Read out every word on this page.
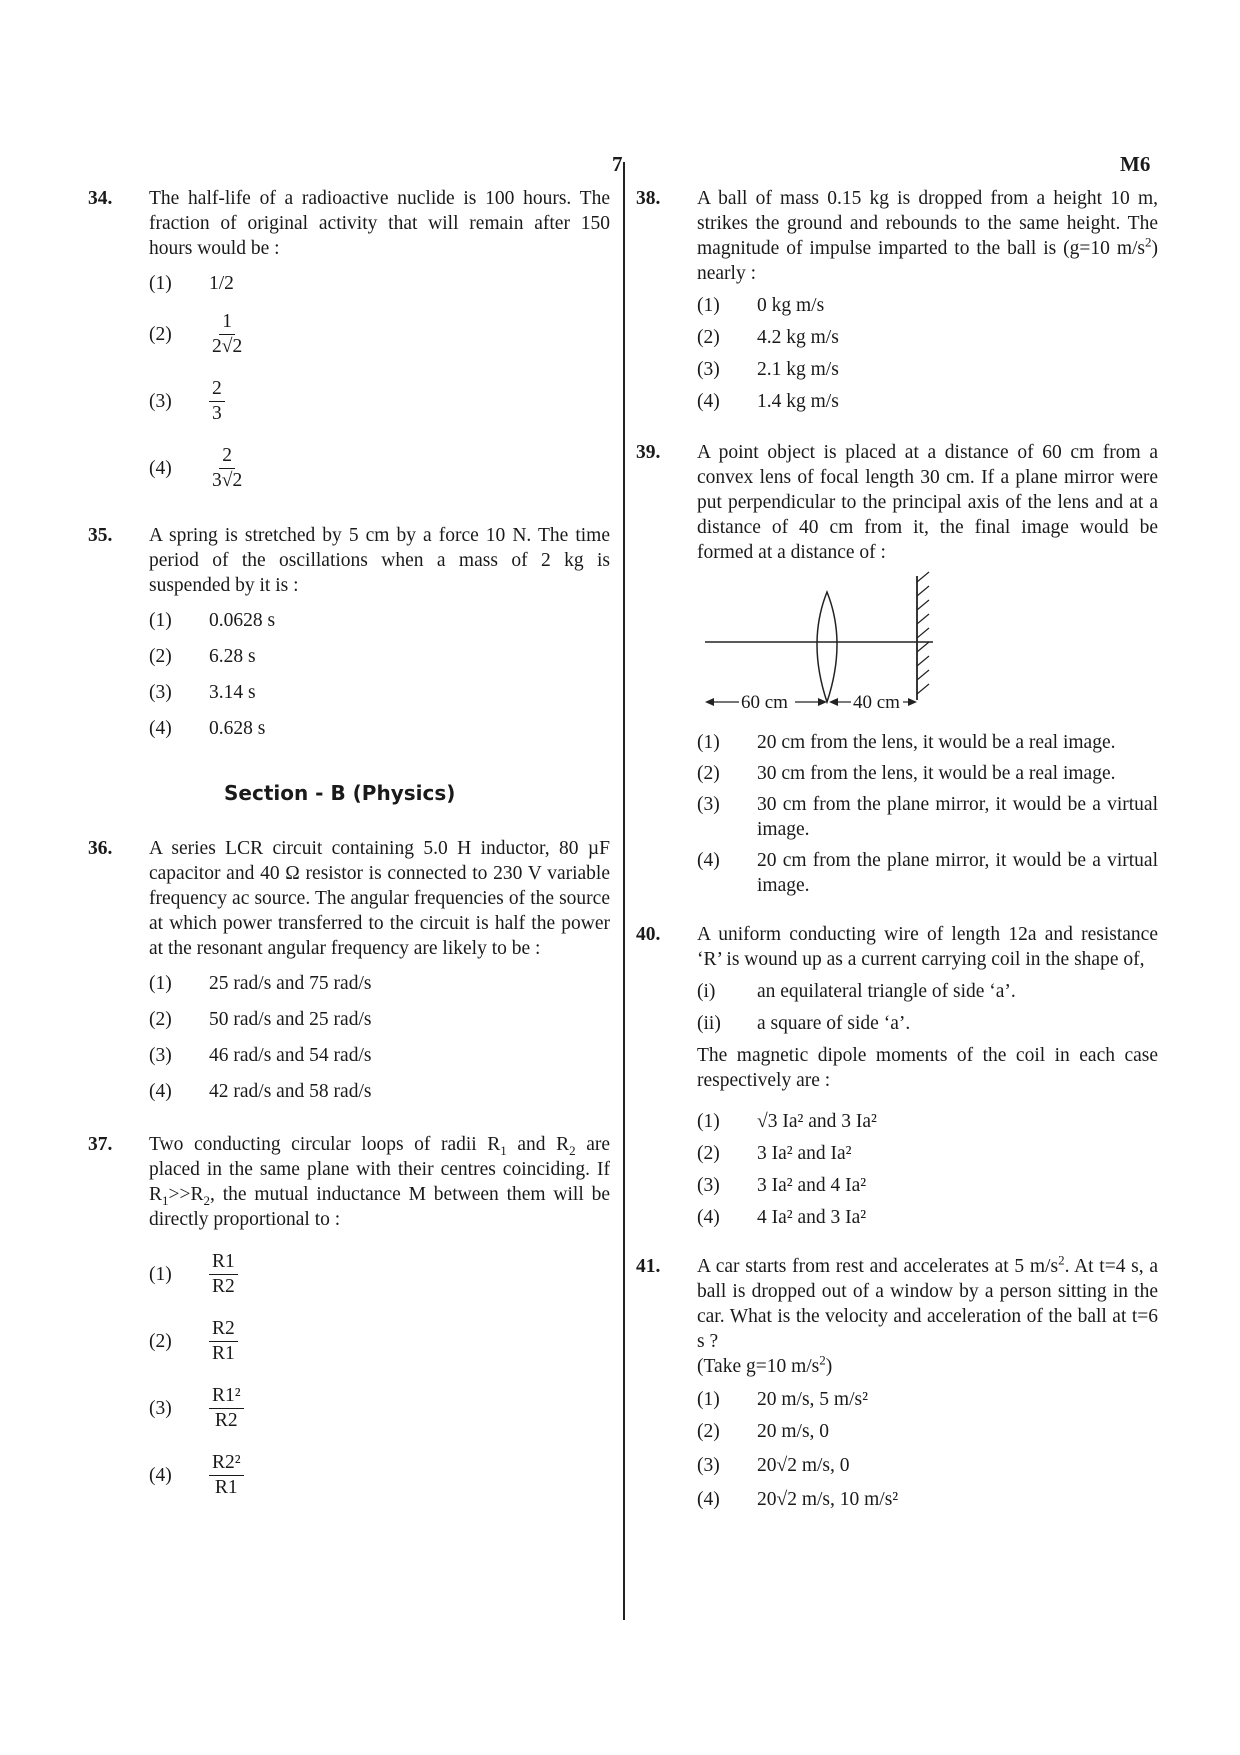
7	M6
34. The half-life of a radioactive nuclide is 100 hours. The fraction of original activity that will remain after 150 hours would be :
(1) 1/2
(2)	$\frac{1}{2√2}$
(3)	$\frac{2}{3}$
(4)	$\frac{2}{3√2}$
35. A spring is stretched by 5 cm by a force 10 N. The time period of the oscillations when a mass of 2 kg is suspended by it is :
(1) 0.0628 s
(2) 6.28 s
(3) 3.14 s
(4) 0.628 s
Section - B (Physics)
36. A series LCR circuit containing 5.0 H inductor, 80 µF capacitor and 40 Ω resistor is connected to 230 V variable frequency ac source. The angular frequencies of the source at which power transferred to the circuit is half the power at the resonant angular frequency are likely to be :
(1) 25 rad/s and 75 rad/s
(2) 50 rad/s and 25 rad/s
(3) 46 rad/s and 54 rad/s
(4) 42 rad/s and 58 rad/s
37. Two conducting circular loops of radii $R_1$ and $R_2$ are placed in the same plane with their centres coinciding. If $R_1>>R_2$, the mutual inductance M between them will be directly proportional to :
(1)	$\frac{R1}{R2}$
(2)	$\frac{R2}{R1}$
(3)	$\frac{\text{R1²}}{R2}$
(4)	$\frac{\text{R2²}}{R1}$
38. A ball of mass 0.15 kg is dropped from a height 10 m, strikes the ground and rebounds to the same height. The magnitude of impulse imparted to the ball is (g=10 $m/s^2$) nearly :
(1) 0 kg m/s
(2) 4.2 kg m/s
(3) 2.1 kg m/s
(4) 1.4 kg m/s
39. A point object is placed at a distance of 60 cm from a convex lens of focal length 30 cm. If a plane mirror were put perpendicular to the principal axis of the lens and at a distance of 40 cm from it, the final image would be formed at a distance of :
60 cm	40 cm
(1) 20 cm from the lens, it would be a real image.
(2) 30 cm from the lens, it would be a real image.
(3) 30 cm from the plane mirror, it would be a virtual image.
(4) 20 cm from the plane mirror, it would be a virtual image.
40. A uniform conducting wire of length 12a and resistance ‘R’ is wound up as a current carrying coil in the shape of,
(i) an equilateral triangle of side ‘a’.
(ii) a square of side ‘a’.
The magnetic dipole moments of the coil in each case respectively are :
(1) √3 Ia² and 3 Ia²
(2) 3 Ia² and Ia²
(3) 3 Ia² and 4 Ia²
(4) 4 Ia² and 3 Ia²
41. A car starts from rest and accelerates at 5 $m/s^2$. At t=4 s, a ball is dropped out of a window by a person sitting in the car. What is the velocity and acceleration of the ball at t=6 s ?
(Take g=10 $m/s^2$)
(1) 20 m/s, 5 m/s²
(2) 20 m/s, 0
(3) 20√2 m/s, 0
(4) 20√2 m/s, 10 m/s²
